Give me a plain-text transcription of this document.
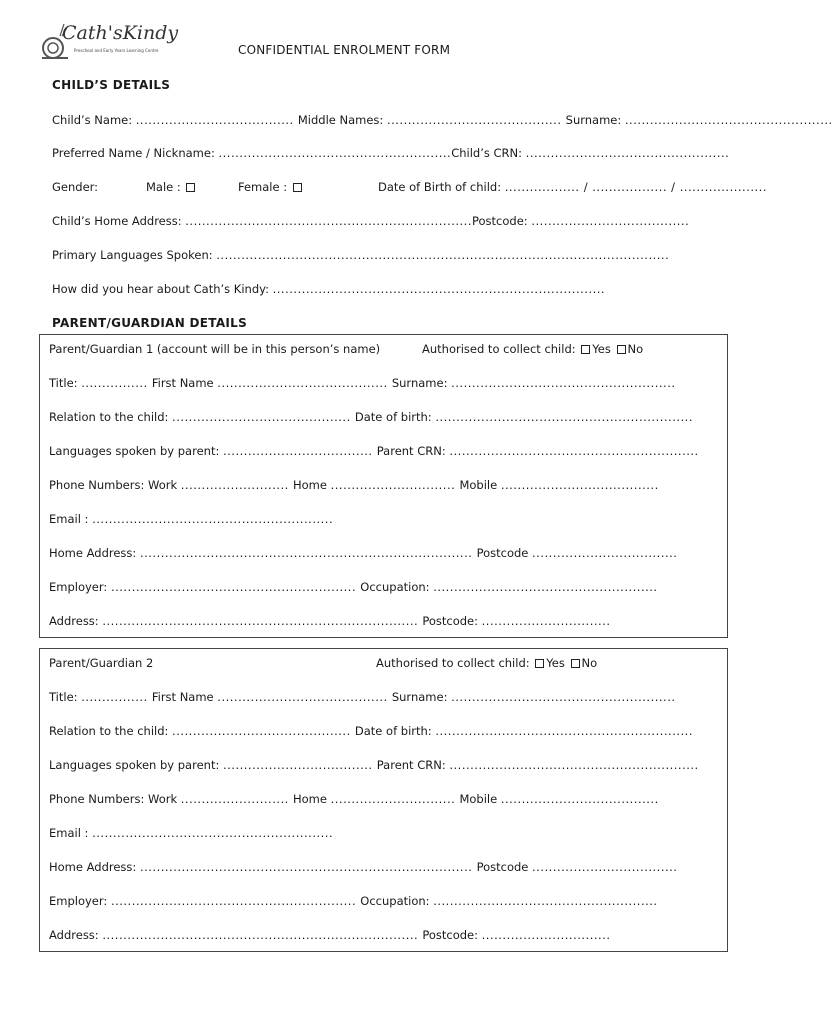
Cath'sKindy
Preschool and Early Years Learning Centre	CONFIDENTIAL ENROLMENT FORM
CHILD’S DETAILS
Child’s Name: ...................................... Middle Names: .......................................... Surname: ..................................................
Preferred Name / Nickname: ........................................................Child’s CRN: .................................................
Gender:	Male :	Female :	Date of Birth of child: .................. / .................. / .....................
Child’s Home Address: .....................................................................Postcode: ......................................
Primary Languages Spoken: .............................................................................................................
How did you hear about Cath’s Kindy: ................................................................................
PARENT/GUARDIAN DETAILS
Parent/Guardian 1 (account will be in this person’s name)	Authorised to collect child: Yes No
Title: ................ First Name ......................................... Surname: ......................................................
Relation to the child: ........................................... Date of birth: ..............................................................
Languages spoken by parent: .................................... Parent CRN: ............................................................
Phone Numbers: Work .......................... Home .............................. Mobile ......................................
Email : ..........................................................
Home Address: ................................................................................ Postcode ...................................
Employer: ........................................................... Occupation: ......................................................
Address: ............................................................................ Postcode: ...............................
Parent/Guardian 2	Authorised to collect child: Yes No
Title: ................ First Name ......................................... Surname: ......................................................
Relation to the child: ........................................... Date of birth: ..............................................................
Languages spoken by parent: .................................... Parent CRN: ............................................................
Phone Numbers: Work .......................... Home .............................. Mobile ......................................
Email : ..........................................................
Home Address: ................................................................................ Postcode ...................................
Employer: ........................................................... Occupation: ......................................................
Address: ............................................................................ Postcode: ...............................
